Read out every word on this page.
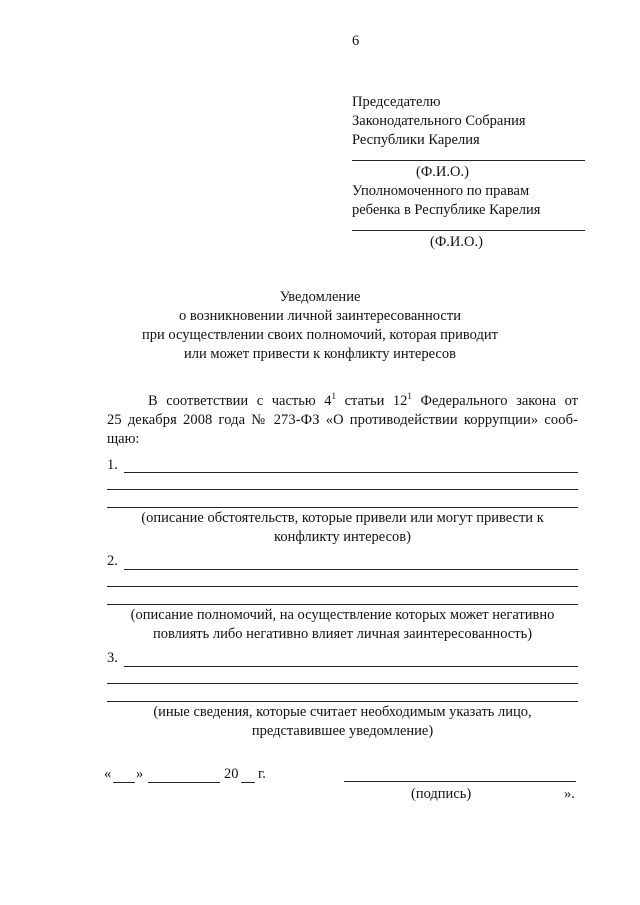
6
Председателю
Законодательного Собрания
Республики Карелия
(Ф.И.О.)
Уполномоченного по правам
ребенка в Республике Карелия
(Ф.И.О.)
Уведомление
о возникновении личной заинтересованности
при осуществлении своих полномочий, которая приводит
или может привести к конфликту интересов
В соответствии с частью $4^1$ статьи $12^1$ Федерального закона от
25 декабря 2008 года № 273-ФЗ «О противодействии коррупции» сооб-
щаю:
1.
(описание обстоятельств, которые привели или могут привести к
конфликту интересов)
2.
(описание полномочий, на осуществление которых может негативно
повлиять либо негативно влияет личная заинтересованность)
3.
(иные сведения, которые считает необходимым указать лицо,
представившее уведомление)
« »	20 г.
(подпись)	».
